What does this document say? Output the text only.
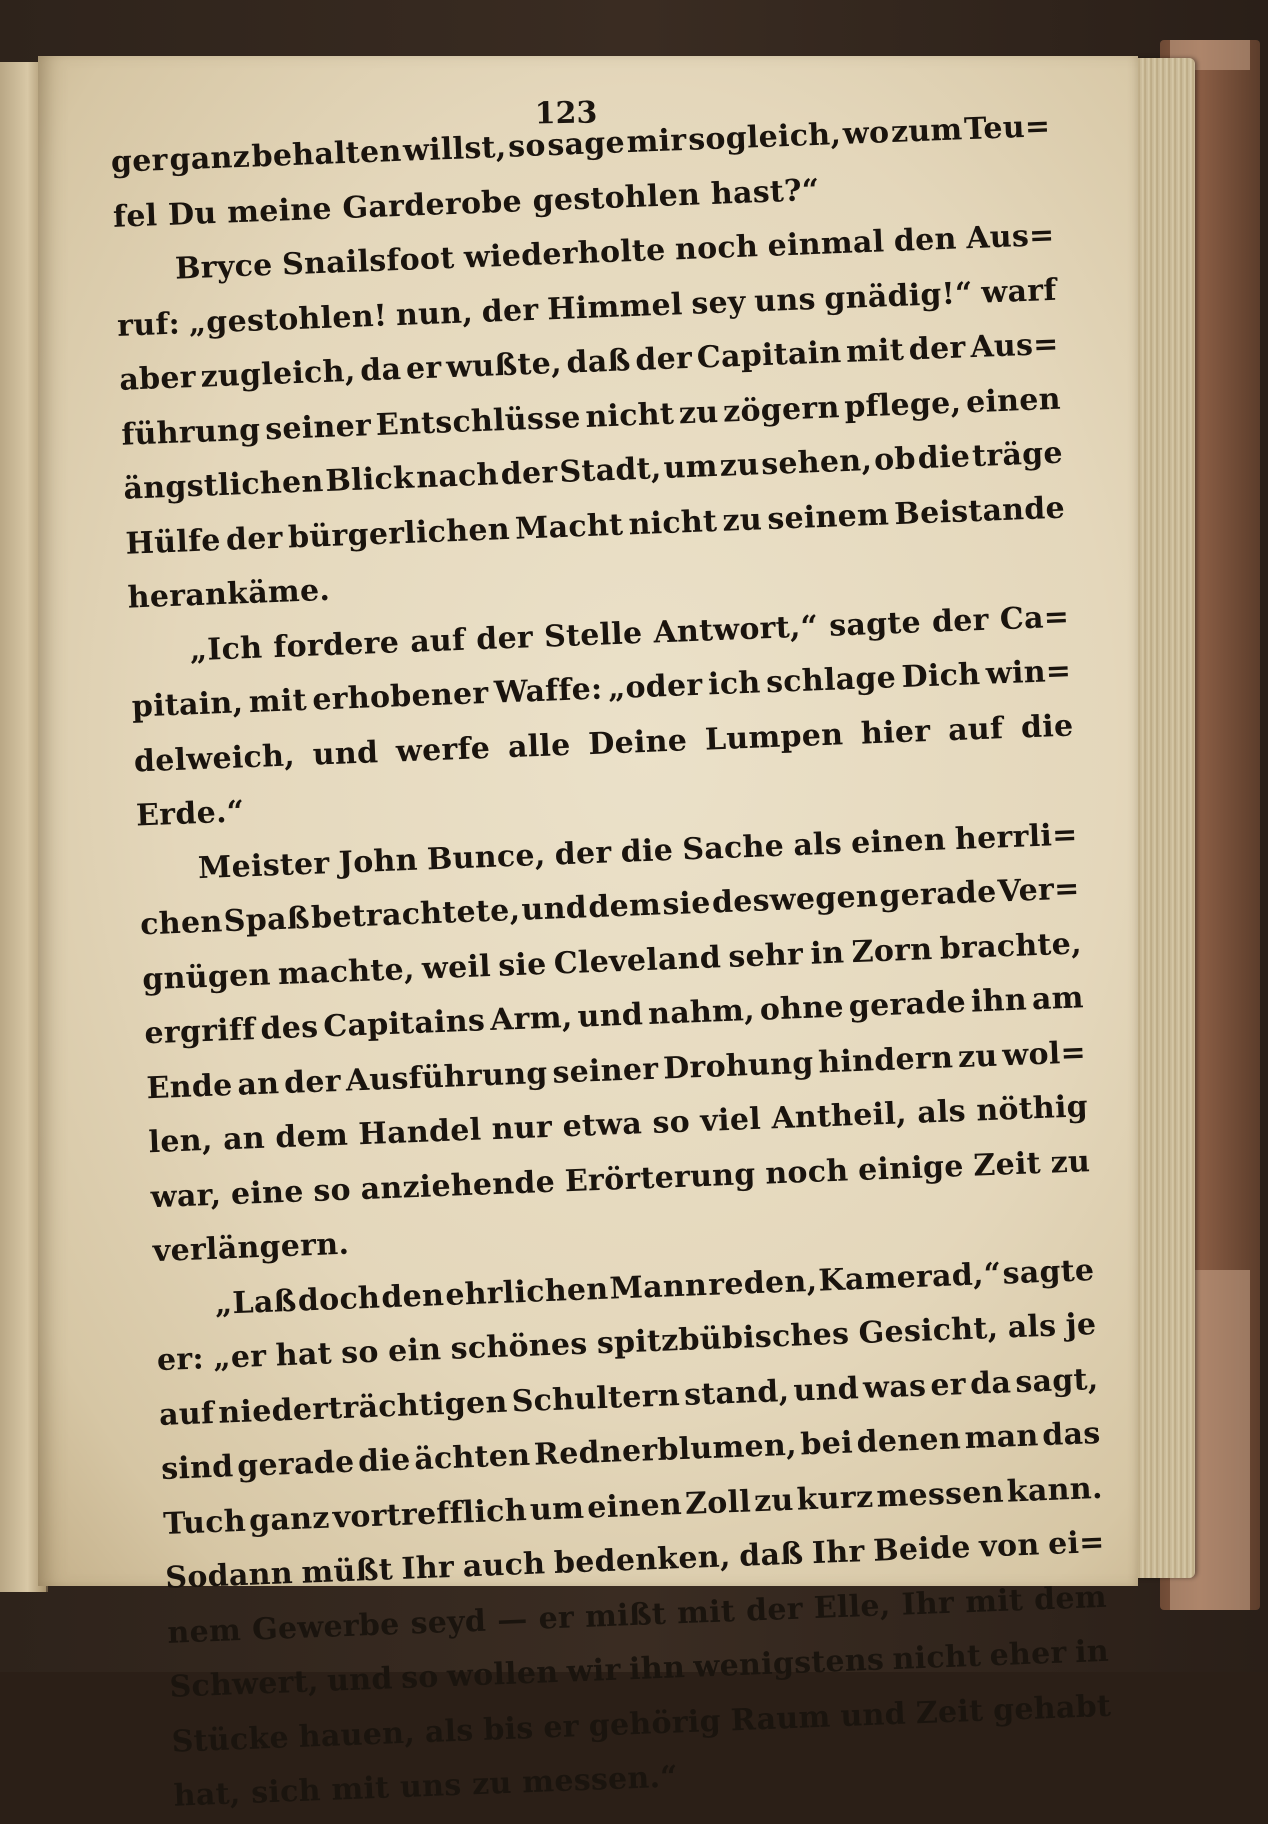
123
ger ganz behalten willst, so sage mir sogleich, wo zum Teu=
fel Du meine Garderobe gestohlen hast?“
Bryce Snailsfoot wiederholte noch einmal den Aus=
ruf: „gestohlen! nun, der Himmel sey uns gnädig!“ warf
aber zugleich, da er wußte, daß der Capitain mit der Aus=
führung seiner Entschlüsse nicht zu zögern pflege, einen
ängstlichen Blick nach der Stadt, um zu sehen, ob die träge
Hülfe der bürgerlichen Macht nicht zu seinem Beistande
herankäme.
„Ich fordere auf der Stelle Antwort,“ sagte der Ca=
pitain, mit erhobener Waffe: „oder ich schlage Dich win=
delweich, und werfe alle Deine Lumpen hier auf die
Erde.“
Meister John Bunce, der die Sache als einen herrli=
chen Spaß betrachtete, und dem sie deswegen gerade Ver=
gnügen machte, weil sie Cleveland sehr in Zorn brachte,
ergriff des Capitains Arm, und nahm, ohne gerade ihn am
Ende an der Ausführung seiner Drohung hindern zu wol=
len, an dem Handel nur etwa so viel Antheil, als nöthig
war, eine so anziehende Erörterung noch einige Zeit zu
verlängern.
„Laß doch den ehrlichen Mann reden, Kamerad,“ sagte
er: „er hat so ein schönes spitzbübisches Gesicht, als je
auf niederträchtigen Schultern stand, und was er da sagt,
sind gerade die ächten Rednerblumen, bei denen man das
Tuch ganz vortrefflich um einen Zoll zu kurz messen kann.
Sodann müßt Ihr auch bedenken, daß Ihr Beide von ei=
nem Gewerbe seyd — er mißt mit der Elle, Ihr mit dem
Schwert, und so wollen wir ihn wenigstens nicht eher in
Stücke hauen, als bis er gehörig Raum und Zeit gehabt
hat, sich mit uns zu messen.“
